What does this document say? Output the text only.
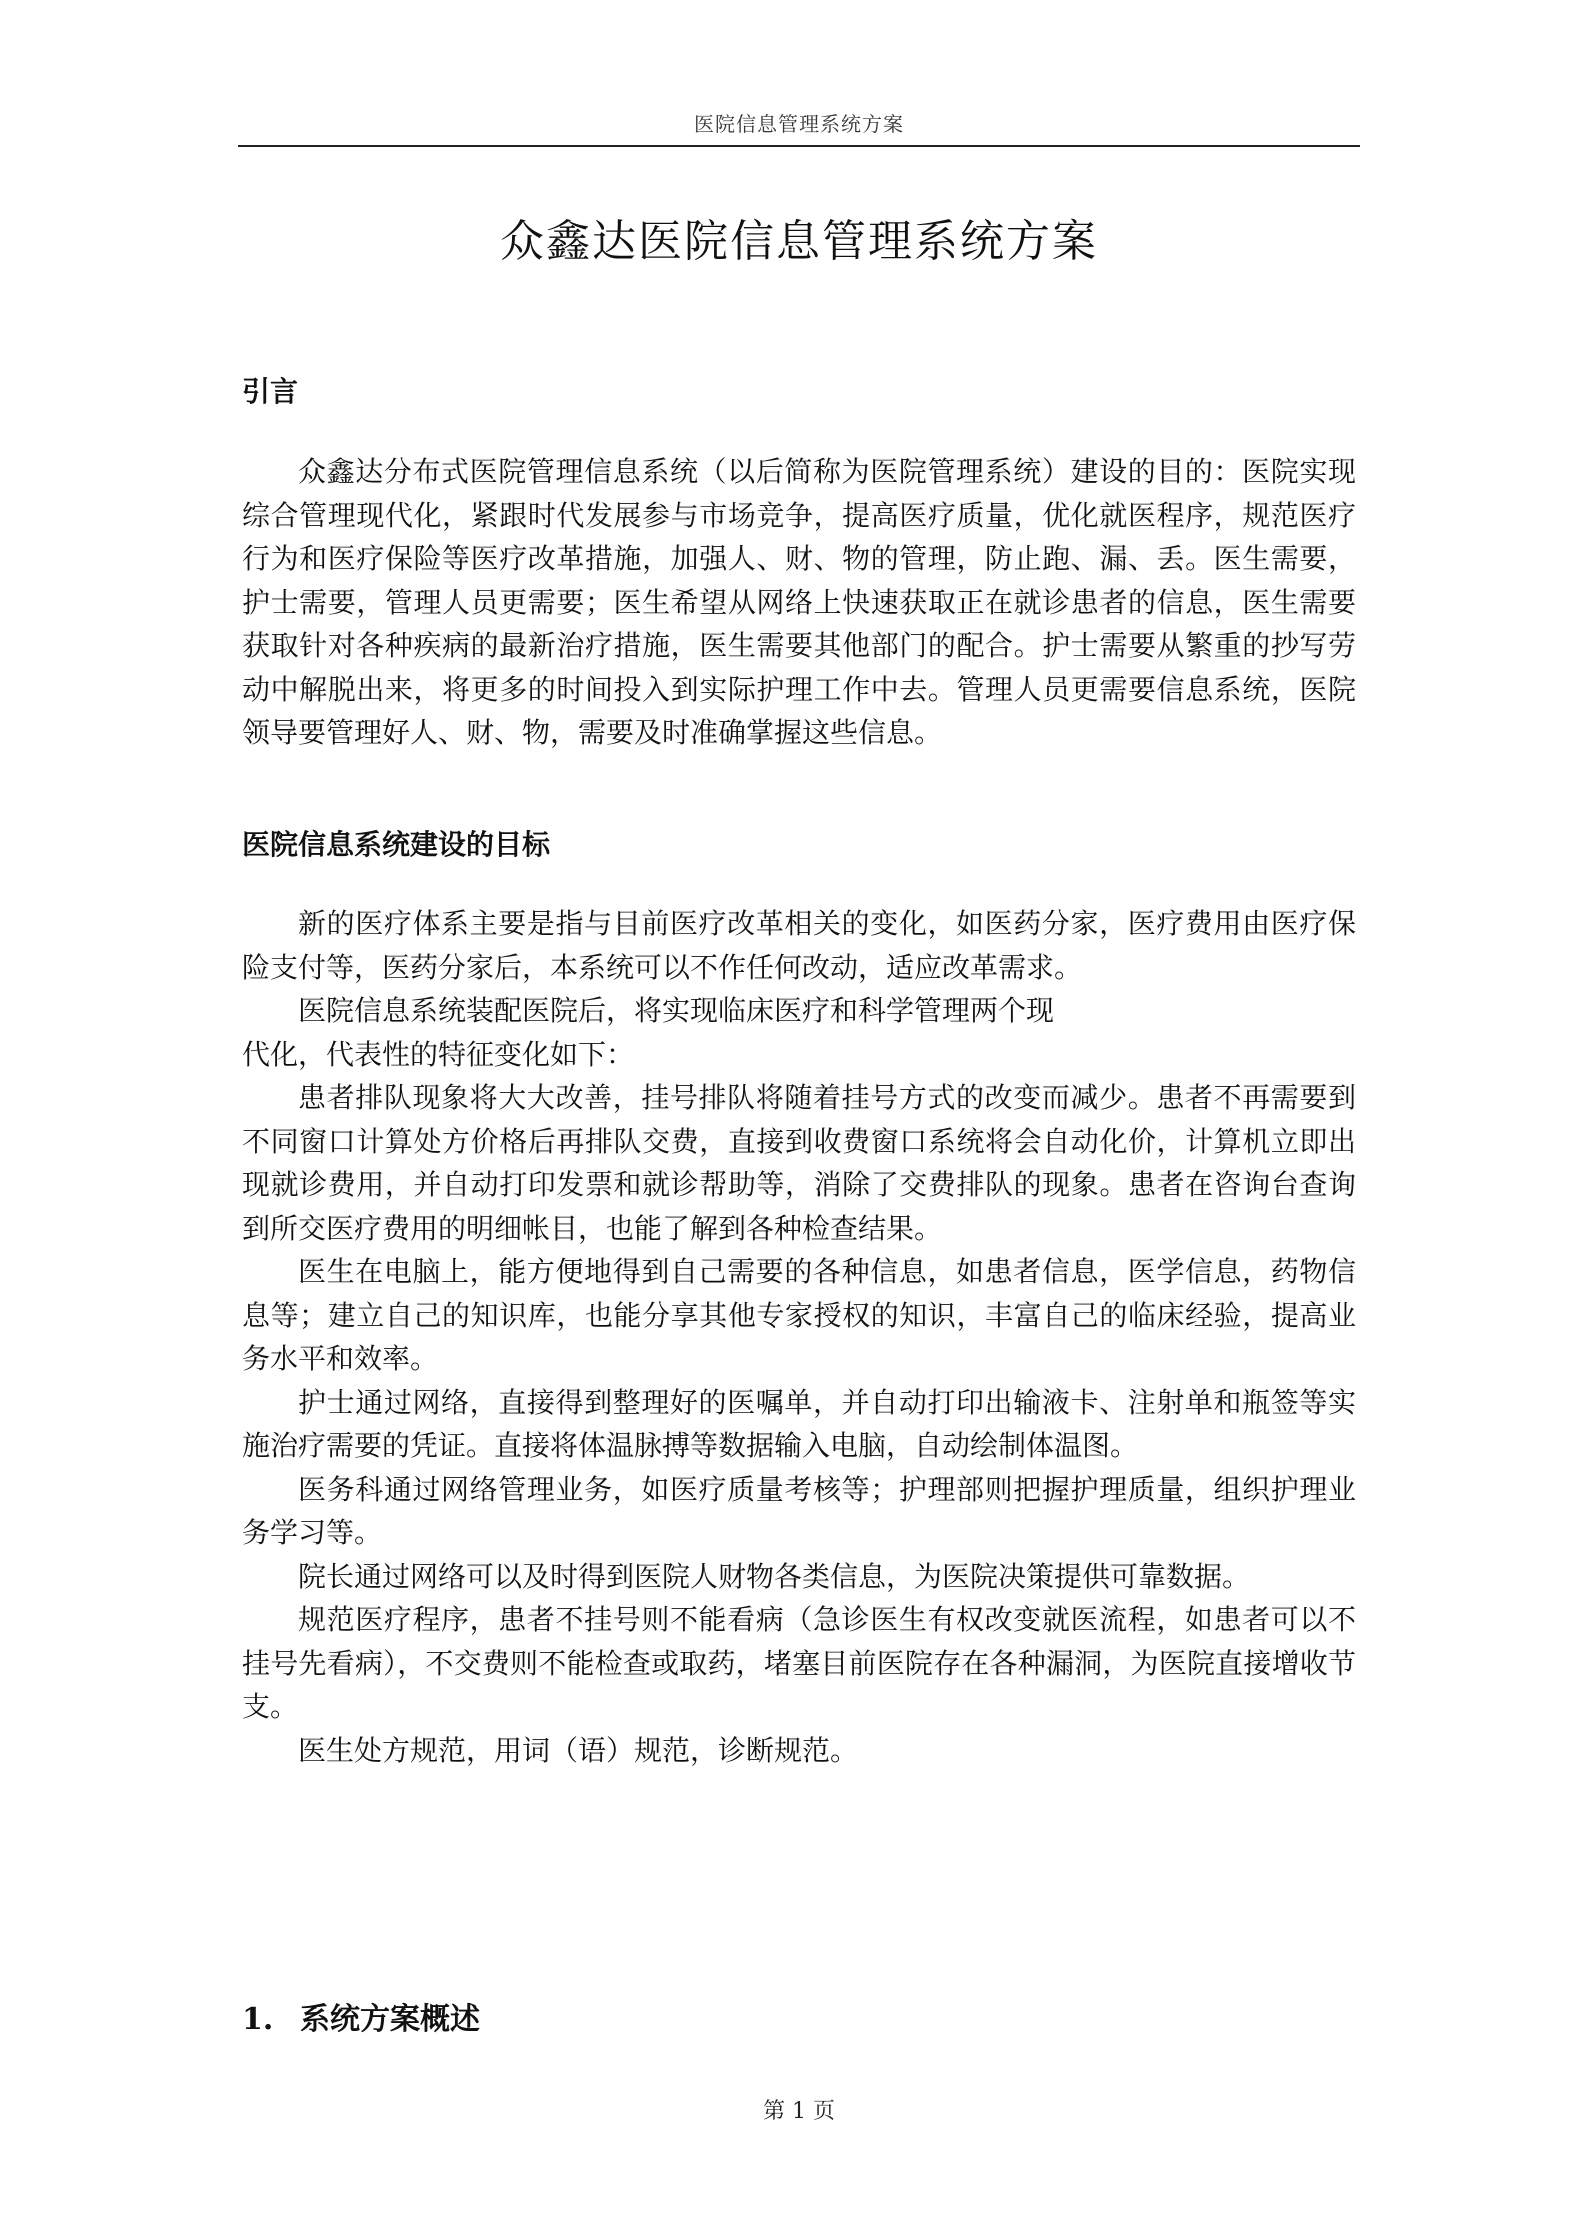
医院信息管理系统方案
众鑫达医院信息管理系统方案
引言

众鑫达分布式医院管理信息系统（以后简称为医院管理系统）建设的目的：医院实现综合管理现代化，紧跟时代发展参与市场竞争，提高医疗质量，优化就医程序，规范医疗行为和医疗保险等医疗改革措施，加强人、财、物的管理，防止跑、漏、丢。医生需要，护士需要，管理人员更需要；医生希望从网络上快速获取正在就诊患者的信息，医生需要获取针对各种疾病的最新治疗措施，医生需要其他部门的配合。护士需要从繁重的抄写劳动中解脱出来，将更多的时间投入到实际护理工作中去。管理人员更需要信息系统，医院领导要管理好人、财、物，需要及时准确掌握这些信息。

医院信息系统建设的目标

新的医疗体系主要是指与目前医疗改革相关的变化，如医药分家，医疗费用由医疗保险支付等，医药分家后，本系统可以不作任何改动，适应改革需求。

医院信息系统装配医院后，将实现临床医疗和科学管理两个现

代化，代表性的特征变化如下：

患者排队现象将大大改善，挂号排队将随着挂号方式的改变而减少。患者不再需要到不同窗口计算处方价格后再排队交费，直接到收费窗口系统将会自动化价，计算机立即出现就诊费用，并自动打印发票和就诊帮助等，消除了交费排队的现象。患者在咨询台查询到所交医疗费用的明细帐目，也能了解到各种检查结果。

医生在电脑上，能方便地得到自己需要的各种信息，如患者信息，医学信息，药物信息等；建立自己的知识库，也能分享其他专家授权的知识，丰富自己的临床经验，提高业务水平和效率。

护士通过网络，直接得到整理好的医嘱单，并自动打印出输液卡、注射单和瓶签等实施治疗需要的凭证。直接将体温脉搏等数据输入电脑，自动绘制体温图。

医务科通过网络管理业务，如医疗质量考核等；护理部则把握护理质量，组织护理业务学习等。

院长通过网络可以及时得到医院人财物各类信息，为医院决策提供可靠数据。

规范医疗程序，患者不挂号则不能看病（急诊医生有权改变就医流程，如患者可以不挂号先看病），不交费则不能检查或取药，堵塞目前医院存在各种漏洞，为医院直接增收节支。

医生处方规范，用词（语）规范，诊断规范。

1. 系统方案概述
第 1 页
